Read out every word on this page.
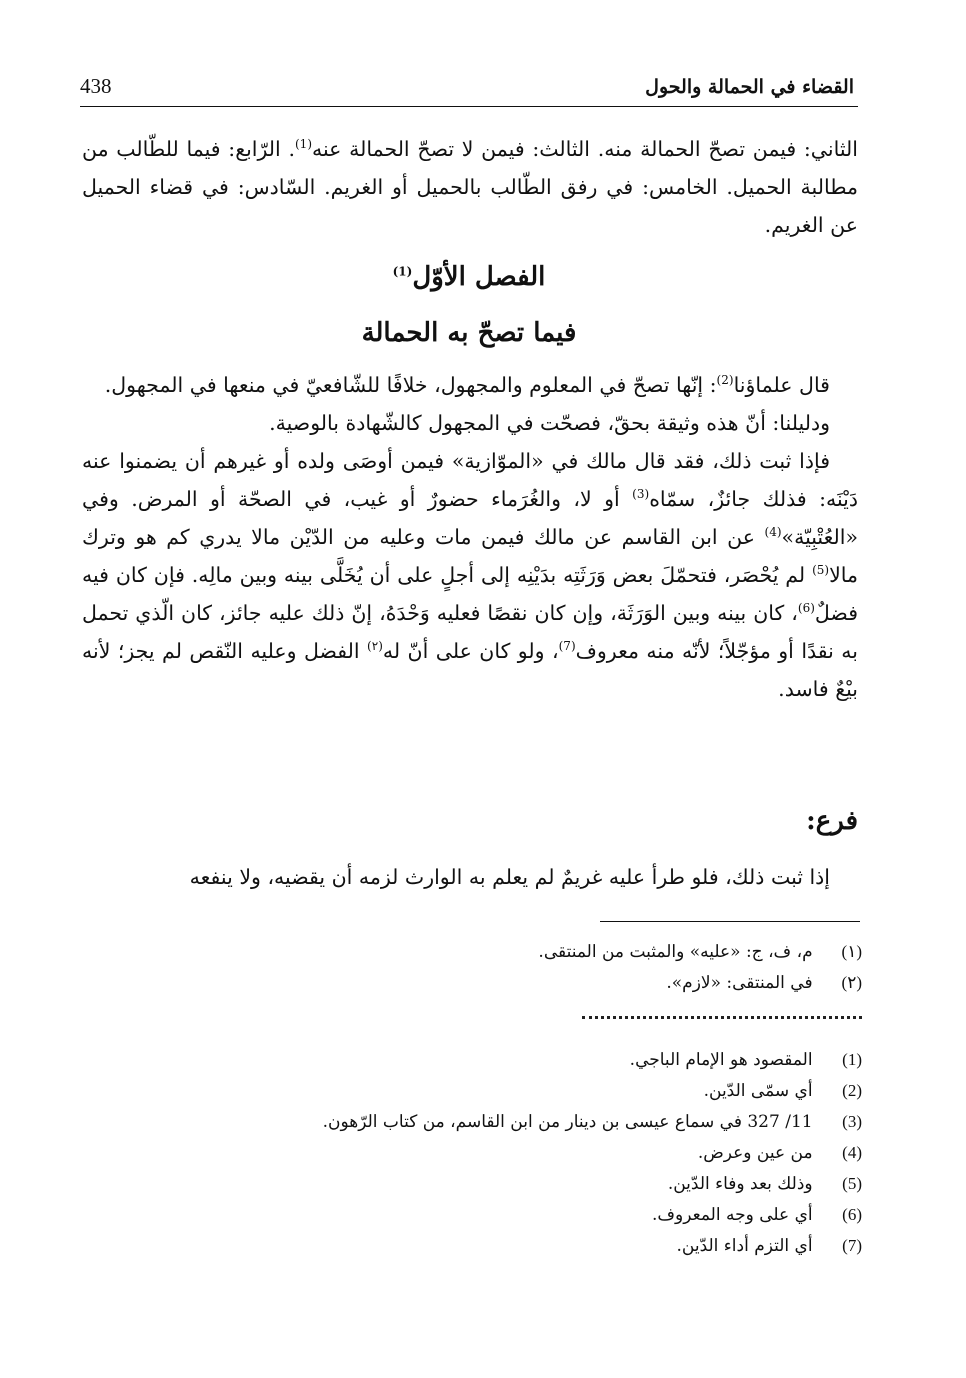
438	القضاء في الحمالة والحول

الثاني: فيمن تصحّ الحمالة منه. الثالث: فيمن لا تصحّ الحمالة عنه$^{(1)}$. الرّابع: فيما للطّالب من مطالبة الحميل. الخامس: في رفق الطّالب بالحميل أو الغريم. السّادس: في قضاء الحميل عن الغريم.

الفصل الأوّل$^{(1)}$
فيما تصحّ به الحمالة

قال علماؤنا$^{(2)}$: إنّها تصحّ في المعلوم والمجهول، خلافًا للشّافعيّ في منعها في المجهول.

ودليلنا: أنّ هذه وثيقة بحقّ، فصحّت في المجهول كالشّهادة بالوصية.

فإذا ثبت ذلك، فقد قال مالك في «الموّازية» فيمن أوصَى ولده أو غيرهم أن يضمنوا عنه دَيْنَه: فذلك جائزٌ، سمّاه$^{(3)}$ أو لا، والغُرَماء حضورٌ أو غيب، في الصحّة أو المرض. وفي «العُتْبِيّة»$^{(4)}$ عن ابن القاسم عن مالك فيمن مات وعليه من الدّيْن مالا يدري كم هو وترك مالا$^{(5)}$ لم يُحْصَر، فتحمّلَ بعض وَرَثَتِه بدَيْنِه إلى أجلٍ على أن يُخَلَّى بينه وبين مالِه. فإن كان فيه فضلٌ$^{(6)}$، كان بينه وبين الوَرَثَة، وإن كان نقصًا فعليه وَحْدَهُ، إنّ ذلك عليه جائز، كان الّذي تحمل به نقدًا أو مؤجّلاً؛ لأنّه منه معروف$^{(7)}$، ولو كان على أنّ له$^{(٢)}$ الفضل وعليه النّقص لم يجز؛ لأنه بيْعٌ فاسد.

فرع:

إذا ثبت ذلك، فلو طرأ عليه غريمٌ لم يعلم به الوارث لزمه أن يقضيه، ولا ينفعه

(١) م، ف، ج: «عليه» والمثبت من المنتقى.
(٢) في المنتقى: «لازم».
(1) المقصود هو الإمام الباجي.
(2) أي سمّى الدّين.
(3) 11/ 327 في سماع عيسى بن دينار من ابن القاسم، من كتاب الرّهون.
(4) من عين وعرض.
(5) وذلك بعد وفاء الدّين.
(6) أي على وجه المعروف.
(7) أي التزم أداء الدّين.
